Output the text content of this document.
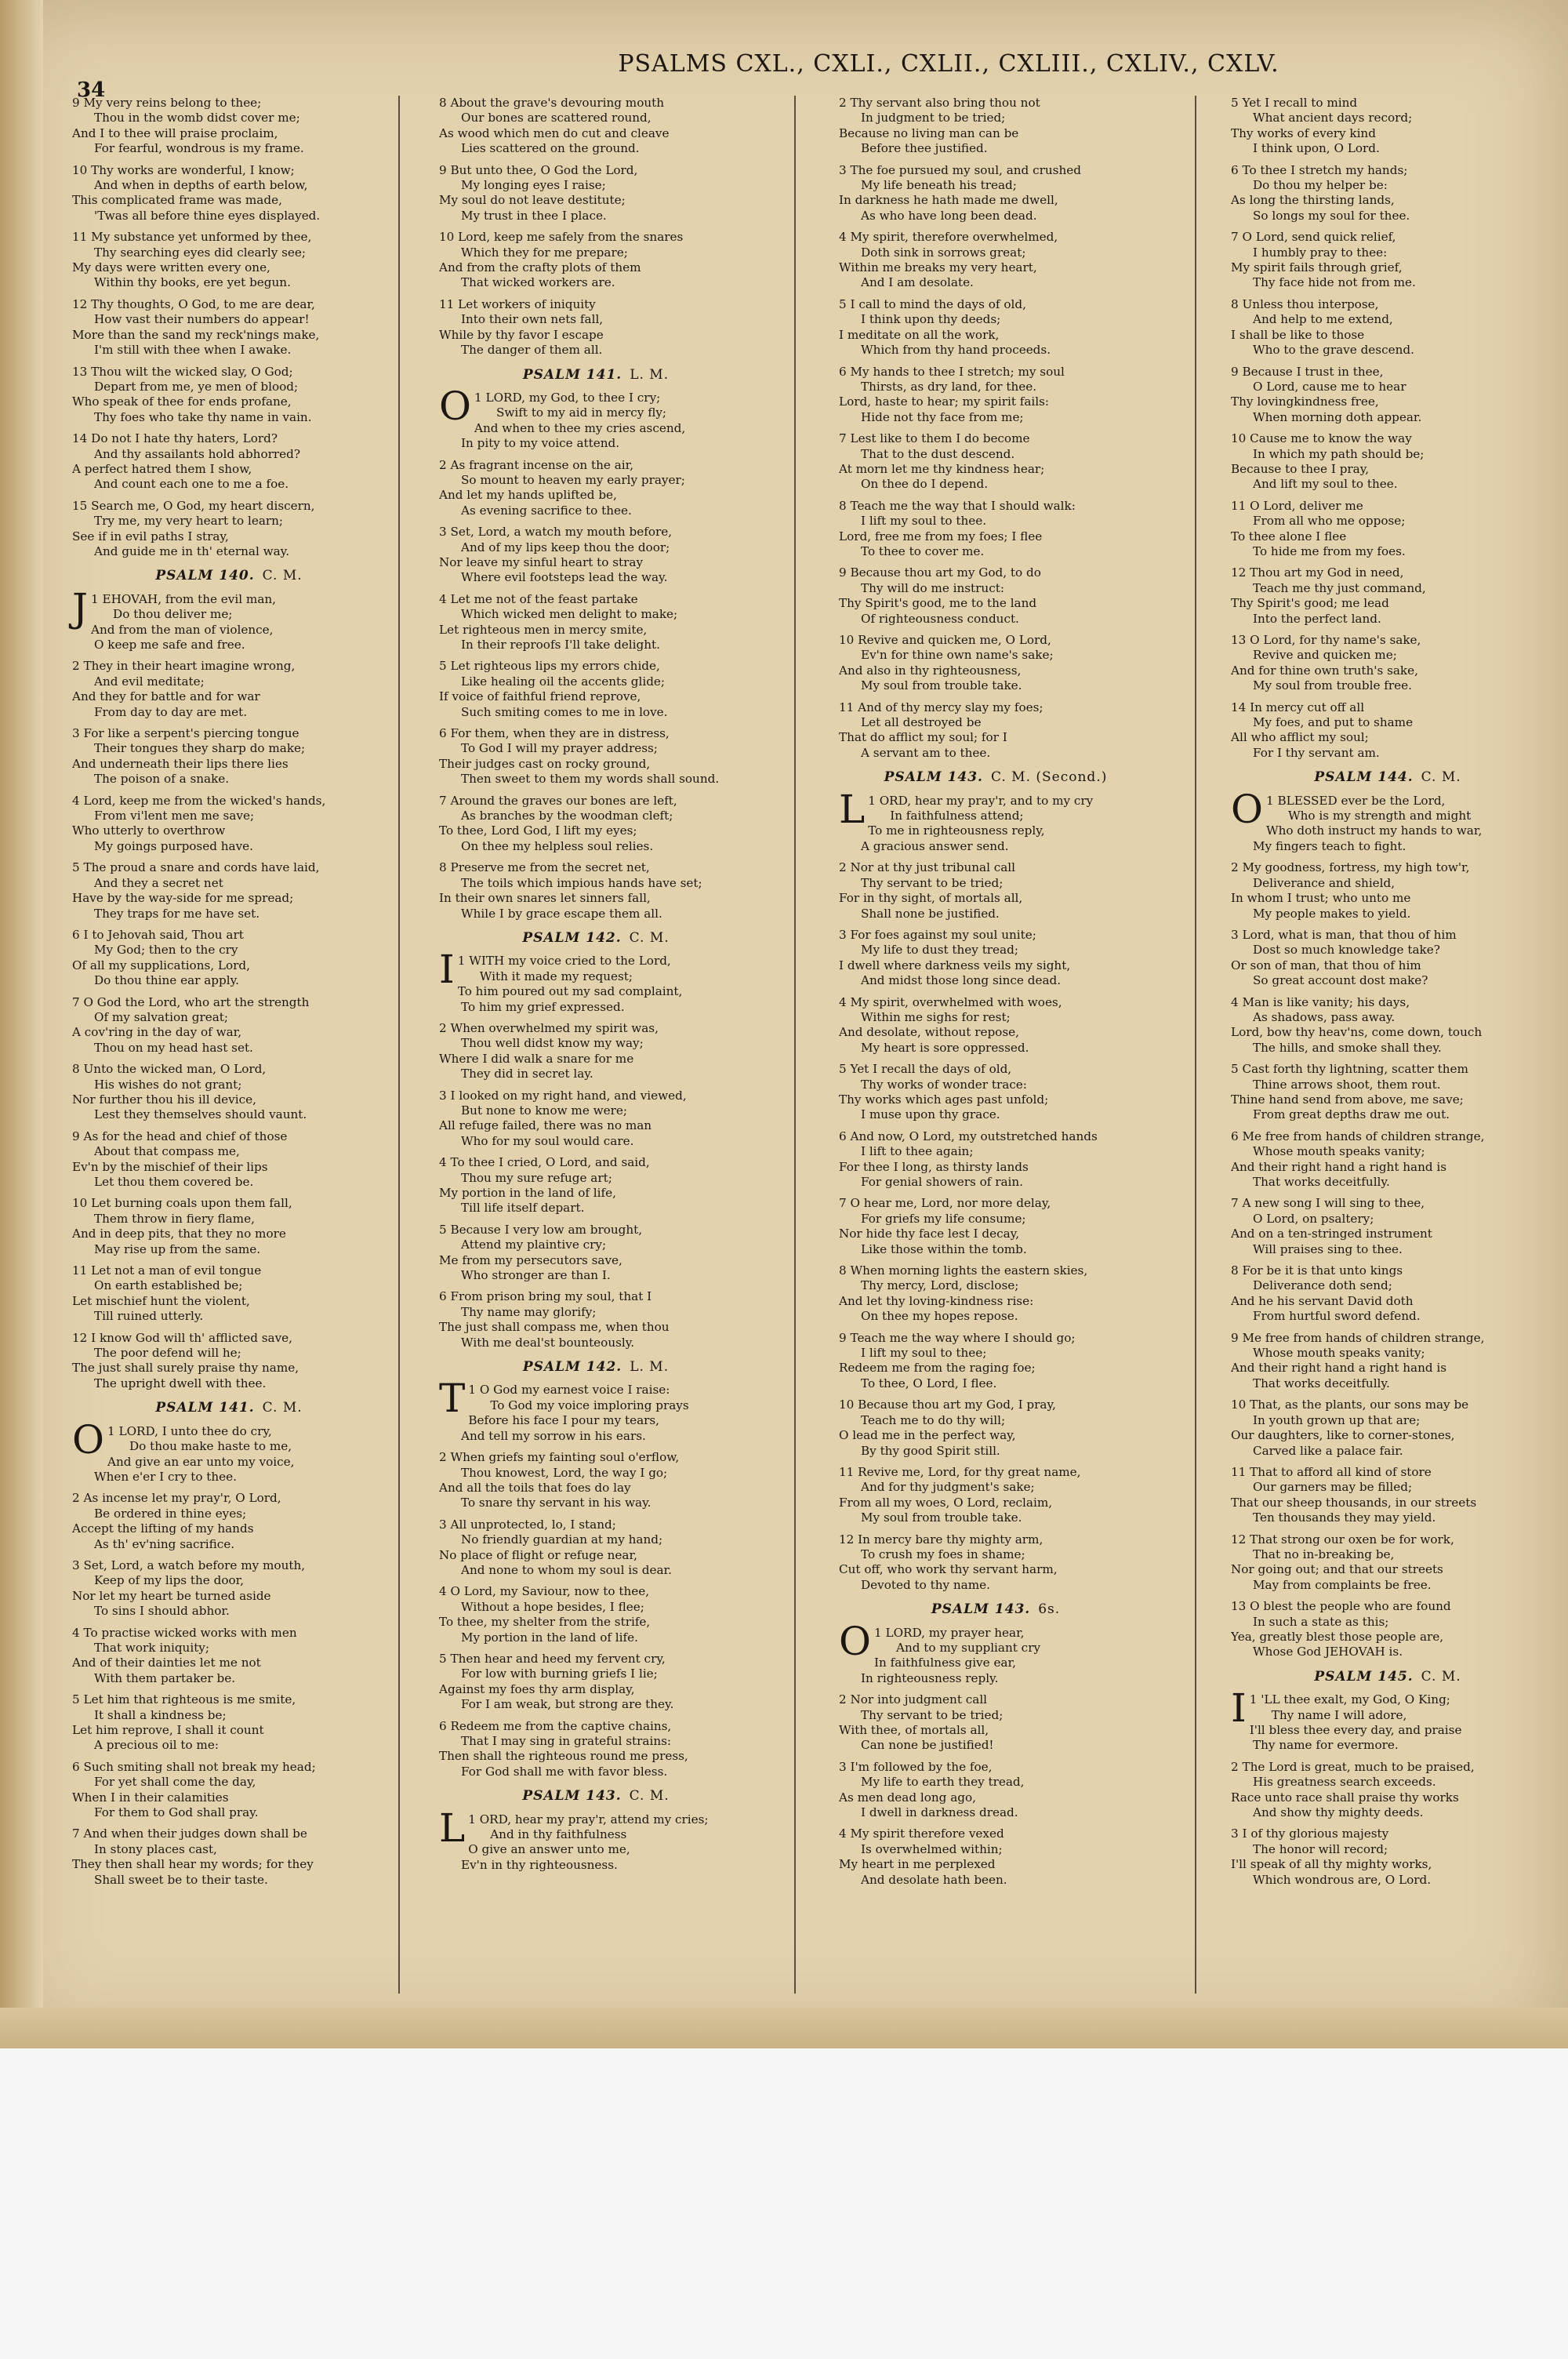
34
PSALMS CXL., CXLI., CXLII., CXLIII., CXLIV., CXLV.
9 My very reins belong to thee;
Thou in the womb didst cover me;
And I to thee will praise proclaim,
For fearful, wondrous is my frame.
10 Thy works are wonderful, I know;
And when in depths of earth below,
This complicated frame was made,
'Twas all before thine eyes displayed.
11 My substance yet unformed by thee,
Thy searching eyes did clearly see;
My days were written every one,
Within thy books, ere yet begun.
12 Thy thoughts, O God, to me are dear,
How vast their numbers do appear!
More than the sand my reck'nings make,
I'm still with thee when I awake.
13 Thou wilt the wicked slay, O God;
Depart from me, ye men of blood;
Who speak of thee for ends profane,
Thy foes who take thy name in vain.
14 Do not I hate thy haters, Lord?
And thy assailants hold abhorred?
A perfect hatred them I show,
And count each one to me a foe.
15 Search me, O God, my heart discern,
Try me, my very heart to learn;
See if in evil paths I stray,
And guide me in th' eternal way.
PSALM 140. C. M.
J 1 EHOVAH, from the evil man,
Do thou deliver me;
And from the man of violence,
O keep me safe and free.
2 They in their heart imagine wrong,
And evil meditate;
And they for battle and for war
From day to day are met.
3 For like a serpent's piercing tongue
Their tongues they sharp do make;
And underneath their lips there lies
The poison of a snake.
4 Lord, keep me from the wicked's hands,
From vi'lent men me save;
Who utterly to overthrow
My goings purposed have.
5 The proud a snare and cords have laid,
And they a secret net
Have by the way-side for me spread;
They traps for me have set.
6 I to Jehovah said, Thou art
My God; then to the cry
Of all my supplications, Lord,
Do thou thine ear apply.
7 O God the Lord, who art the strength
Of my salvation great;
A cov'ring in the day of war,
Thou on my head hast set.
8 Unto the wicked man, O Lord,
His wishes do not grant;
Nor further thou his ill device,
Lest they themselves should vaunt.
9 As for the head and chief of those
About that compass me,
Ev'n by the mischief of their lips
Let thou them covered be.
10 Let burning coals upon them fall,
Them throw in fiery flame,
And in deep pits, that they no more
May rise up from the same.
11 Let not a man of evil tongue
On earth established be;
Let mischief hunt the violent,
Till ruined utterly.
12 I know God will th' afflicted save,
The poor defend will he;
The just shall surely praise thy name,
The upright dwell with thee.
PSALM 141. C. M.
O 1 LORD, I unto thee do cry,
Do thou make haste to me,
And give an ear unto my voice,
When e'er I cry to thee.
2 As incense let my pray'r, O Lord,
Be ordered in thine eyes;
Accept the lifting of my hands
As th' ev'ning sacrifice.
3 Set, Lord, a watch before my mouth,
Keep of my lips the door,
Nor let my heart be turned aside
To sins I should abhor.
4 To practise wicked works with men
That work iniquity;
And of their dainties let me not
With them partaker be.
5 Let him that righteous is me smite,
It shall a kindness be;
Let him reprove, I shall it count
A precious oil to me:
6 Such smiting shall not break my head;
For yet shall come the day,
When I in their calamities
For them to God shall pray.
7 And when their judges down shall be
In stony places cast,
They then shall hear my words; for they
Shall sweet be to their taste.
8 About the grave's devouring mouth
Our bones are scattered round,
As wood which men do cut and cleave
Lies scattered on the ground.
9 But unto thee, O God the Lord,
My longing eyes I raise;
My soul do not leave destitute;
My trust in thee I place.
10 Lord, keep me safely from the snares
Which they for me prepare;
And from the crafty plots of them
That wicked workers are.
11 Let workers of iniquity
Into their own nets fall,
While by thy favor I escape
The danger of them all.
PSALM 141. L. M.
O 1 LORD, my God, to thee I cry;
Swift to my aid in mercy fly;
And when to thee my cries ascend,
In pity to my voice attend.
2 As fragrant incense on the air,
So mount to heaven my early prayer;
And let my hands uplifted be,
As evening sacrifice to thee.
3 Set, Lord, a watch my mouth before,
And of my lips keep thou the door;
Nor leave my sinful heart to stray
Where evil footsteps lead the way.
4 Let me not of the feast partake
Which wicked men delight to make;
Let righteous men in mercy smite,
In their reproofs I'll take delight.
5 Let righteous lips my errors chide,
Like healing oil the accents glide;
If voice of faithful friend reprove,
Such smiting comes to me in love.
6 For them, when they are in distress,
To God I will my prayer address;
Their judges cast on rocky ground,
Then sweet to them my words shall sound.
7 Around the graves our bones are left,
As branches by the woodman cleft;
To thee, Lord God, I lift my eyes;
On thee my helpless soul relies.
8 Preserve me from the secret net,
The toils which impious hands have set;
In their own snares let sinners fall,
While I by grace escape them all.
PSALM 142. C. M.
I 1 WITH my voice cried to the Lord,
With it made my request;
To him poured out my sad complaint,
To him my grief expressed.
2 When overwhelmed my spirit was,
Thou well didst know my way;
Where I did walk a snare for me
They did in secret lay.
3 I looked on my right hand, and viewed,
But none to know me were;
All refuge failed, there was no man
Who for my soul would care.
4 To thee I cried, O Lord, and said,
Thou my sure refuge art;
My portion in the land of life,
Till life itself depart.
5 Because I very low am brought,
Attend my plaintive cry;
Me from my persecutors save,
Who stronger are than I.
6 From prison bring my soul, that I
Thy name may glorify;
The just shall compass me, when thou
With me deal'st bounteously.
PSALM 142. L. M.
T 1 O God my earnest voice I raise:
To God my voice imploring prays
Before his face I pour my tears,
And tell my sorrow in his ears.
2 When griefs my fainting soul o'erflow,
Thou knowest, Lord, the way I go;
And all the toils that foes do lay
To snare thy servant in his way.
3 All unprotected, lo, I stand;
No friendly guardian at my hand;
No place of flight or refuge near,
And none to whom my soul is dear.
4 O Lord, my Saviour, now to thee,
Without a hope besides, I flee;
To thee, my shelter from the strife,
My portion in the land of life.
5 Then hear and heed my fervent cry,
For low with burning griefs I lie;
Against my foes thy arm display,
For I am weak, but strong are they.
6 Redeem me from the captive chains,
That I may sing in grateful strains:
Then shall the righteous round me press,
For God shall me with favor bless.
PSALM 143. C. M.
L 1 ORD, hear my pray'r, attend my cries;
And in thy faithfulness
O give an answer unto me,
Ev'n in thy righteousness.
2 Thy servant also bring thou not
In judgment to be tried;
Because no living man can be
Before thee justified.
3 The foe pursued my soul, and crushed
My life beneath his tread;
In darkness he hath made me dwell,
As who have long been dead.
4 My spirit, therefore overwhelmed,
Doth sink in sorrows great;
Within me breaks my very heart,
And I am desolate.
5 I call to mind the days of old,
I think upon thy deeds;
I meditate on all the work,
Which from thy hand proceeds.
6 My hands to thee I stretch; my soul
Thirsts, as dry land, for thee.
Lord, haste to hear; my spirit fails:
Hide not thy face from me;
7 Lest like to them I do become
That to the dust descend.
At morn let me thy kindness hear;
On thee do I depend.
8 Teach me the way that I should walk:
I lift my soul to thee.
Lord, free me from my foes; I flee
To thee to cover me.
9 Because thou art my God, to do
Thy will do me instruct:
Thy Spirit's good, me to the land
Of righteousness conduct.
10 Revive and quicken me, O Lord,
Ev'n for thine own name's sake;
And also in thy righteousness,
My soul from trouble take.
11 And of thy mercy slay my foes;
Let all destroyed be
That do afflict my soul; for I
A servant am to thee.
PSALM 143. C. M. (Second.)
L 1 ORD, hear my pray'r, and to my cry
In faithfulness attend;
To me in righteousness reply,
A gracious answer send.
2 Nor at thy just tribunal call
Thy servant to be tried;
For in thy sight, of mortals all,
Shall none be justified.
3 For foes against my soul unite;
My life to dust they tread;
I dwell where darkness veils my sight,
And midst those long since dead.
4 My spirit, overwhelmed with woes,
Within me sighs for rest;
And desolate, without repose,
My heart is sore oppressed.
5 Yet I recall the days of old,
Thy works of wonder trace:
Thy works which ages past unfold;
I muse upon thy grace.
6 And now, O Lord, my outstretched hands
I lift to thee again;
For thee I long, as thirsty lands
For genial showers of rain.
7 O hear me, Lord, nor more delay,
For griefs my life consume;
Nor hide thy face lest I decay,
Like those within the tomb.
8 When morning lights the eastern skies,
Thy mercy, Lord, disclose;
And let thy loving-kindness rise:
On thee my hopes repose.
9 Teach me the way where I should go;
I lift my soul to thee;
Redeem me from the raging foe;
To thee, O Lord, I flee.
10 Because thou art my God, I pray,
Teach me to do thy will;
O lead me in the perfect way,
By thy good Spirit still.
11 Revive me, Lord, for thy great name,
And for thy judgment's sake;
From all my woes, O Lord, reclaim,
My soul from trouble take.
12 In mercy bare thy mighty arm,
To crush my foes in shame;
Cut off, who work thy servant harm,
Devoted to thy name.
PSALM 143. 6s.
O 1 LORD, my prayer hear,
And to my suppliant cry
In faithfulness give ear,
In righteousness reply.
2 Nor into judgment call
Thy servant to be tried;
With thee, of mortals all,
Can none be justified!
3 I'm followed by the foe,
My life to earth they tread,
As men dead long ago,
I dwell in darkness dread.
4 My spirit therefore vexed
Is overwhelmed within;
My heart in me perplexed
And desolate hath been.
5 Yet I recall to mind
What ancient days record;
Thy works of every kind
I think upon, O Lord.
6 To thee I stretch my hands;
Do thou my helper be:
As long the thirsting lands,
So longs my soul for thee.
7 O Lord, send quick relief,
I humbly pray to thee:
My spirit fails through grief,
Thy face hide not from me.
8 Unless thou interpose,
And help to me extend,
I shall be like to those
Who to the grave descend.
9 Because I trust in thee,
O Lord, cause me to hear
Thy lovingkindness free,
When morning doth appear.
10 Cause me to know the way
In which my path should be;
Because to thee I pray,
And lift my soul to thee.
11 O Lord, deliver me
From all who me oppose;
To thee alone I flee
To hide me from my foes.
12 Thou art my God in need,
Teach me thy just command,
Thy Spirit's good; me lead
Into the perfect land.
13 O Lord, for thy name's sake,
Revive and quicken me;
And for thine own truth's sake,
My soul from trouble free.
14 In mercy cut off all
My foes, and put to shame
All who afflict my soul;
For I thy servant am.
PSALM 144. C. M.
O 1 BLESSED ever be the Lord,
Who is my strength and might
Who doth instruct my hands to war,
My fingers teach to fight.
2 My goodness, fortress, my high tow'r,
Deliverance and shield,
In whom I trust; who unto me
My people makes to yield.
3 Lord, what is man, that thou of him
Dost so much knowledge take?
Or son of man, that thou of him
So great account dost make?
4 Man is like vanity; his days,
As shadows, pass away.
Lord, bow thy heav'ns, come down, touch
The hills, and smoke shall they.
5 Cast forth thy lightning, scatter them
Thine arrows shoot, them rout.
Thine hand send from above, me save;
From great depths draw me out.
6 Me free from hands of children strange,
Whose mouth speaks vanity;
And their right hand a right hand is
That works deceitfully.
7 A new song I will sing to thee,
O Lord, on psaltery;
And on a ten-stringed instrument
Will praises sing to thee.
8 For be it is that unto kings
Deliverance doth send;
And he his servant David doth
From hurtful sword defend.
9 Me free from hands of children strange,
Whose mouth speaks vanity;
And their right hand a right hand is
That works deceitfully.
10 That, as the plants, our sons may be
In youth grown up that are;
Our daughters, like to corner-stones,
Carved like a palace fair.
11 That to afford all kind of store
Our garners may be filled;
That our sheep thousands, in our streets
Ten thousands they may yield.
12 That strong our oxen be for work,
That no in-breaking be,
Nor going out; and that our streets
May from complaints be free.
13 O blest the people who are found
In such a state as this;
Yea, greatly blest those people are,
Whose God JEHOVAH is.
PSALM 145. C. M.
I 1 'LL thee exalt, my God, O King;
Thy name I will adore,
I'll bless thee every day, and praise
Thy name for evermore.
2 The Lord is great, much to be praised,
His greatness search exceeds.
Race unto race shall praise thy works
And show thy mighty deeds.
3 I of thy glorious majesty
The honor will record;
I'll speak of all thy mighty works,
Which wondrous are, O Lord.
